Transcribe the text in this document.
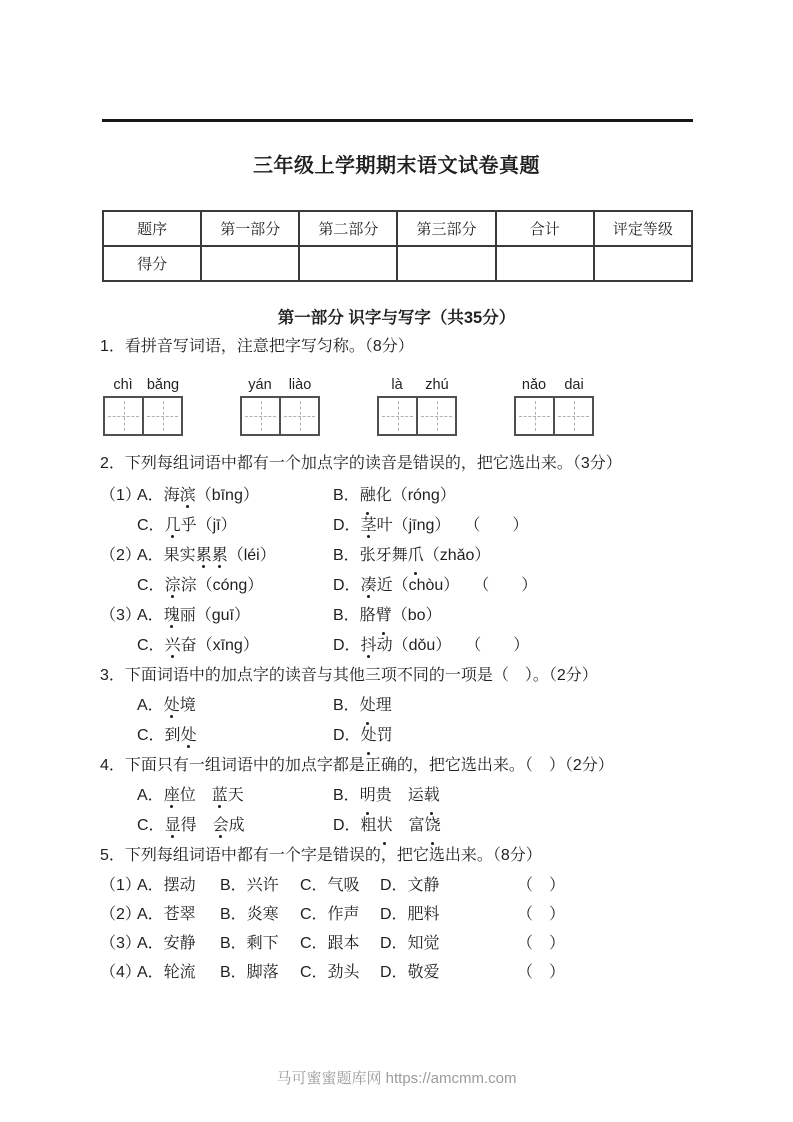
三年级上学期期末语文试卷真题
题序	第一部分	第二部分	第三部分	合计	评定等级
得分					
第一部分 识字与写字（共35分）
1．看拼音写词语，注意把字写匀称。（8分）
chì bǎng	yán	liào	là	zhú	nǎo	dai
2．下列每组词语中都有一个加点字的读音是错误的，把它选出来。（3分）
（1）
A．海滨（bīng）	B． 融 化（róng）
C．几乎（jī）	D．茎叶（jīng） （　　）
（2）
A．果实累累（léi）	B．张牙舞 爪 （zhǎo）
C．淙淙（cóng）	D．凑近（chòu） （　　）
（3）
A．瑰丽（guī）	B．胳 臂 （bo）
C．兴奋（xīng）	D．抖动（dǒu） （　　）
3．下面词语中的加点字的读音与其他三项不同的一项是（　）。（2分）
A．处境	B． 处 理
C．到处	D． 处 罚
4．下面只有一组词语中的加点字都是正确的，把它选出来。（　）（2分）
A．座位　蓝天	B． 明 贵　运 载
C．显得　会成	D．粗 状 　富 饶
5．下列每组词语中都有一个字是错误的，把它选出来。（8分）
（1）
A．摆动	B．兴许	C．气吸	D．文静	（　）
（2）
A．苍翠	B．炎寒	C．作声	D．肥料	（　）
（3）
A．安静	B．剩下	C．跟本	D．知觉	（　）
（4）
A．轮流	B．脚落	C．劲头	D．敬爱	（　）
马可蜜蜜题库网 https://amcmm.com
